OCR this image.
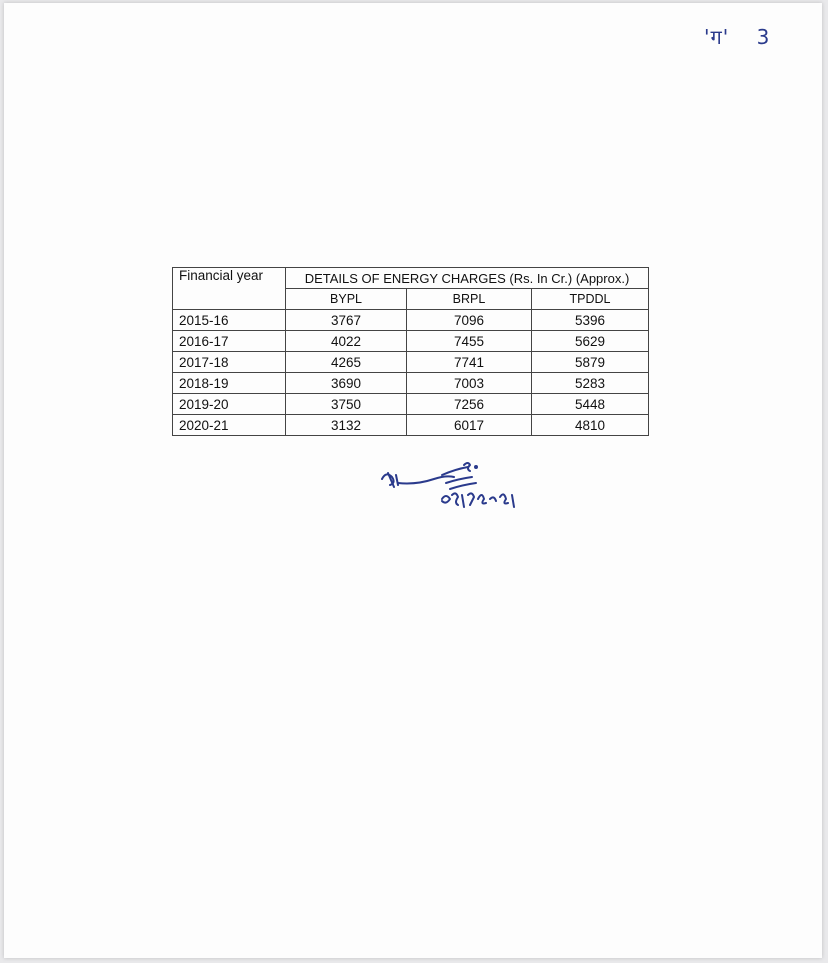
'ग' 3
Financial year	DETAILS OF ENERGY CHARGES (Rs. In Cr.) (Approx.)		
	BYPL	BRPL	TPDDL
2015-16	3767	7096	5396
2016-17	4022	7455	5629
2017-18	4265	7741	5879
2018-19	3690	7003	5283
2019-20	3750	7256	5448
2020-21	3132	6017	4810
